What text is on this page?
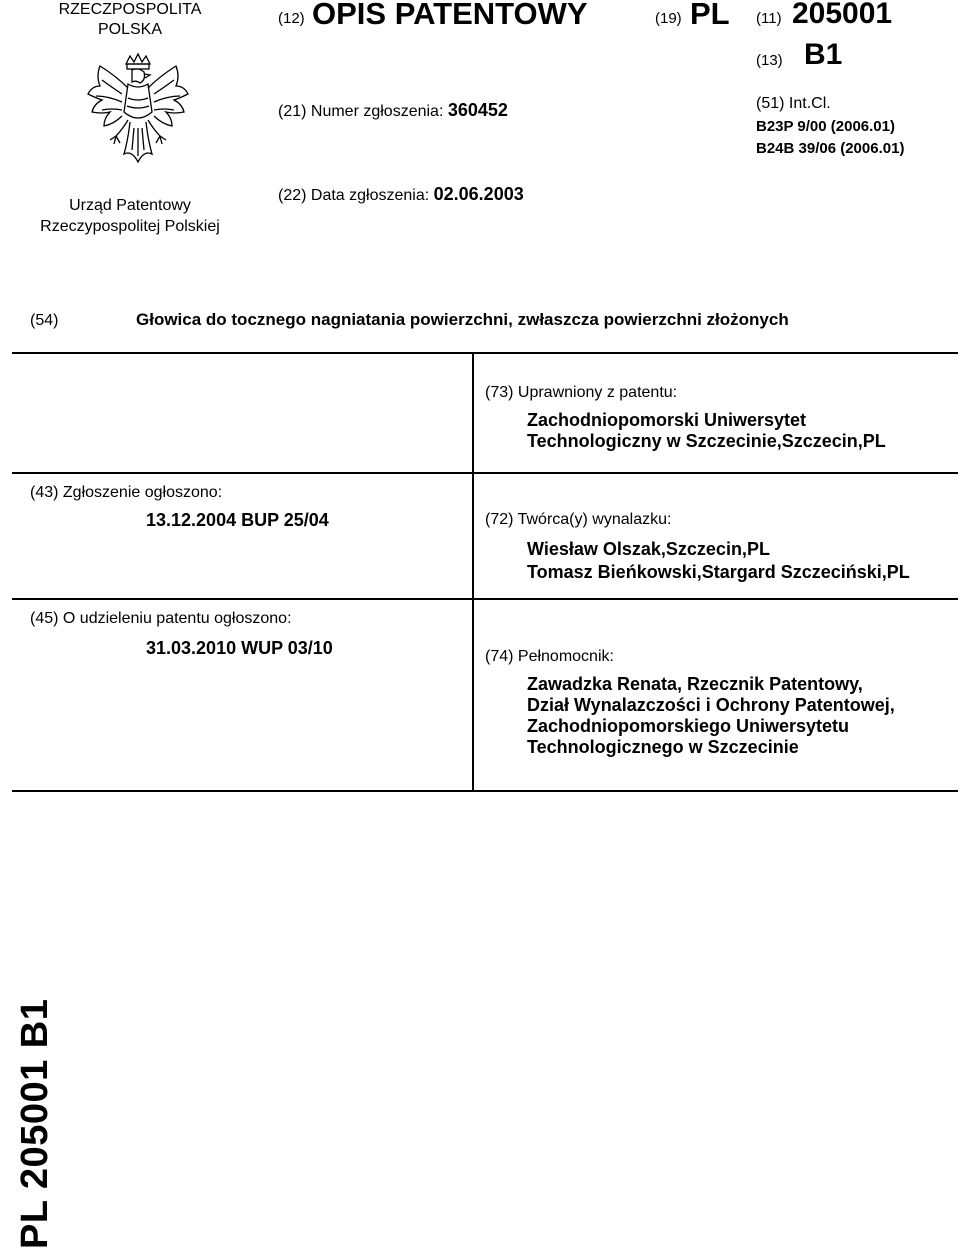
RZECZPOSPOLITA
POLSKA
Urząd Patentowy
Rzeczypospolitej Polskiej
(12) OPIS PATENTOWY	(19) PL (11) 205001
(13) B1
(21) Numer zgłoszenia: 360452
(22) Data zgłoszenia: 02.06.2003
(51) Int.Cl.
B23P 9/00 (2006.01)
B24B 39/06 (2006.01)
(54)	Głowica do tocznego nagniatania powierzchni, zwłaszcza powierzchni złożonych
(43) Zgłoszenie ogłoszono:
13.12.2004 BUP 25/04
(45) O udzieleniu patentu ogłoszono:
31.03.2010 WUP 03/10
(73) Uprawniony z patentu:
Zachodniopomorski Uniwersytet
Technologiczny w Szczecinie,Szczecin,PL
(72) Twórca(y) wynalazku:
Wiesław Olszak,Szczecin,PL
Tomasz Bieńkowski,Stargard Szczeciński,PL
(74) Pełnomocnik:
Zawadzka Renata, Rzecznik Patentowy,
Dział Wynalazczości i Ochrony Patentowej,
Zachodniopomorskiego Uniwersytetu
Technologicznego w Szczecinie
PL 205001 B1
